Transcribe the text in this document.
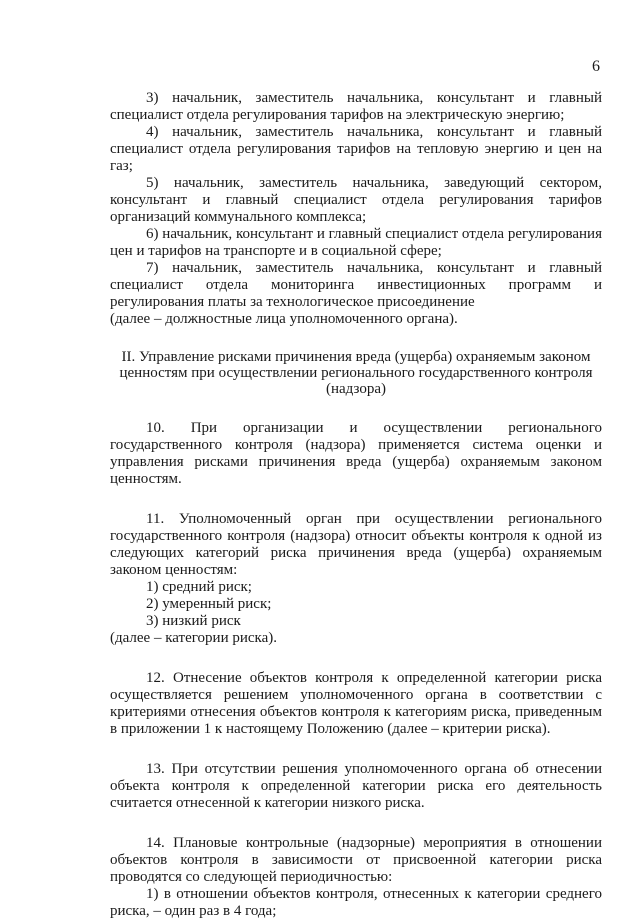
6

3) начальник, заместитель начальника, консультант и главный специалист отдела регулирования тарифов на электрическую энергию;

4) начальник, заместитель начальника, консультант и главный специалист отдела регулирования тарифов на тепловую энергию и цен на газ;

5) начальник, заместитель начальника, заведующий сектором, консультант и главный специалист отдела регулирования тарифов организаций коммунального комплекса;

6) начальник, консультант и главный специалист отдела регулирования цен и тарифов на транспорте и в социальной сфере;

7) начальник, заместитель начальника, консультант и главный специалист отдела мониторинга инвестиционных программ и регулирования платы за технологическое присоединение

(далее – должностные лица уполномоченного органа).

II. Управление рисками причинения вреда (ущерба) охраняемым законом ценностям при осуществлении регионального государственного контроля (надзора)

10. При организации и осуществлении регионального государственного контроля (надзора) применяется система оценки и управления рисками причинения вреда (ущерба) охраняемым законом ценностям.

11. Уполномоченный орган при осуществлении регионального государственного контроля (надзора) относит объекты контроля к одной из следующих категорий риска причинения вреда (ущерба) охраняемым законом ценностям:

1) средний риск;

2) умеренный риск;

3) низкий риск

(далее – категории риска).

12. Отнесение объектов контроля к определенной категории риска осуществляется решением уполномоченного органа в соответствии с критериями отнесения объектов контроля к категориям риска, приведенным в приложении 1 к настоящему Положению (далее – критерии риска).

13. При отсутствии решения уполномоченного органа об отнесении объекта контроля к определенной категории риска его деятельность считается отнесенной к категории низкого риска.

14. Плановые контрольные (надзорные) мероприятия в отношении объектов контроля в зависимости от присвоенной категории риска проводятся со следующей периодичностью:

1) в отношении объектов контроля, отнесенных к категории среднего риска, – один раз в 4 года;
